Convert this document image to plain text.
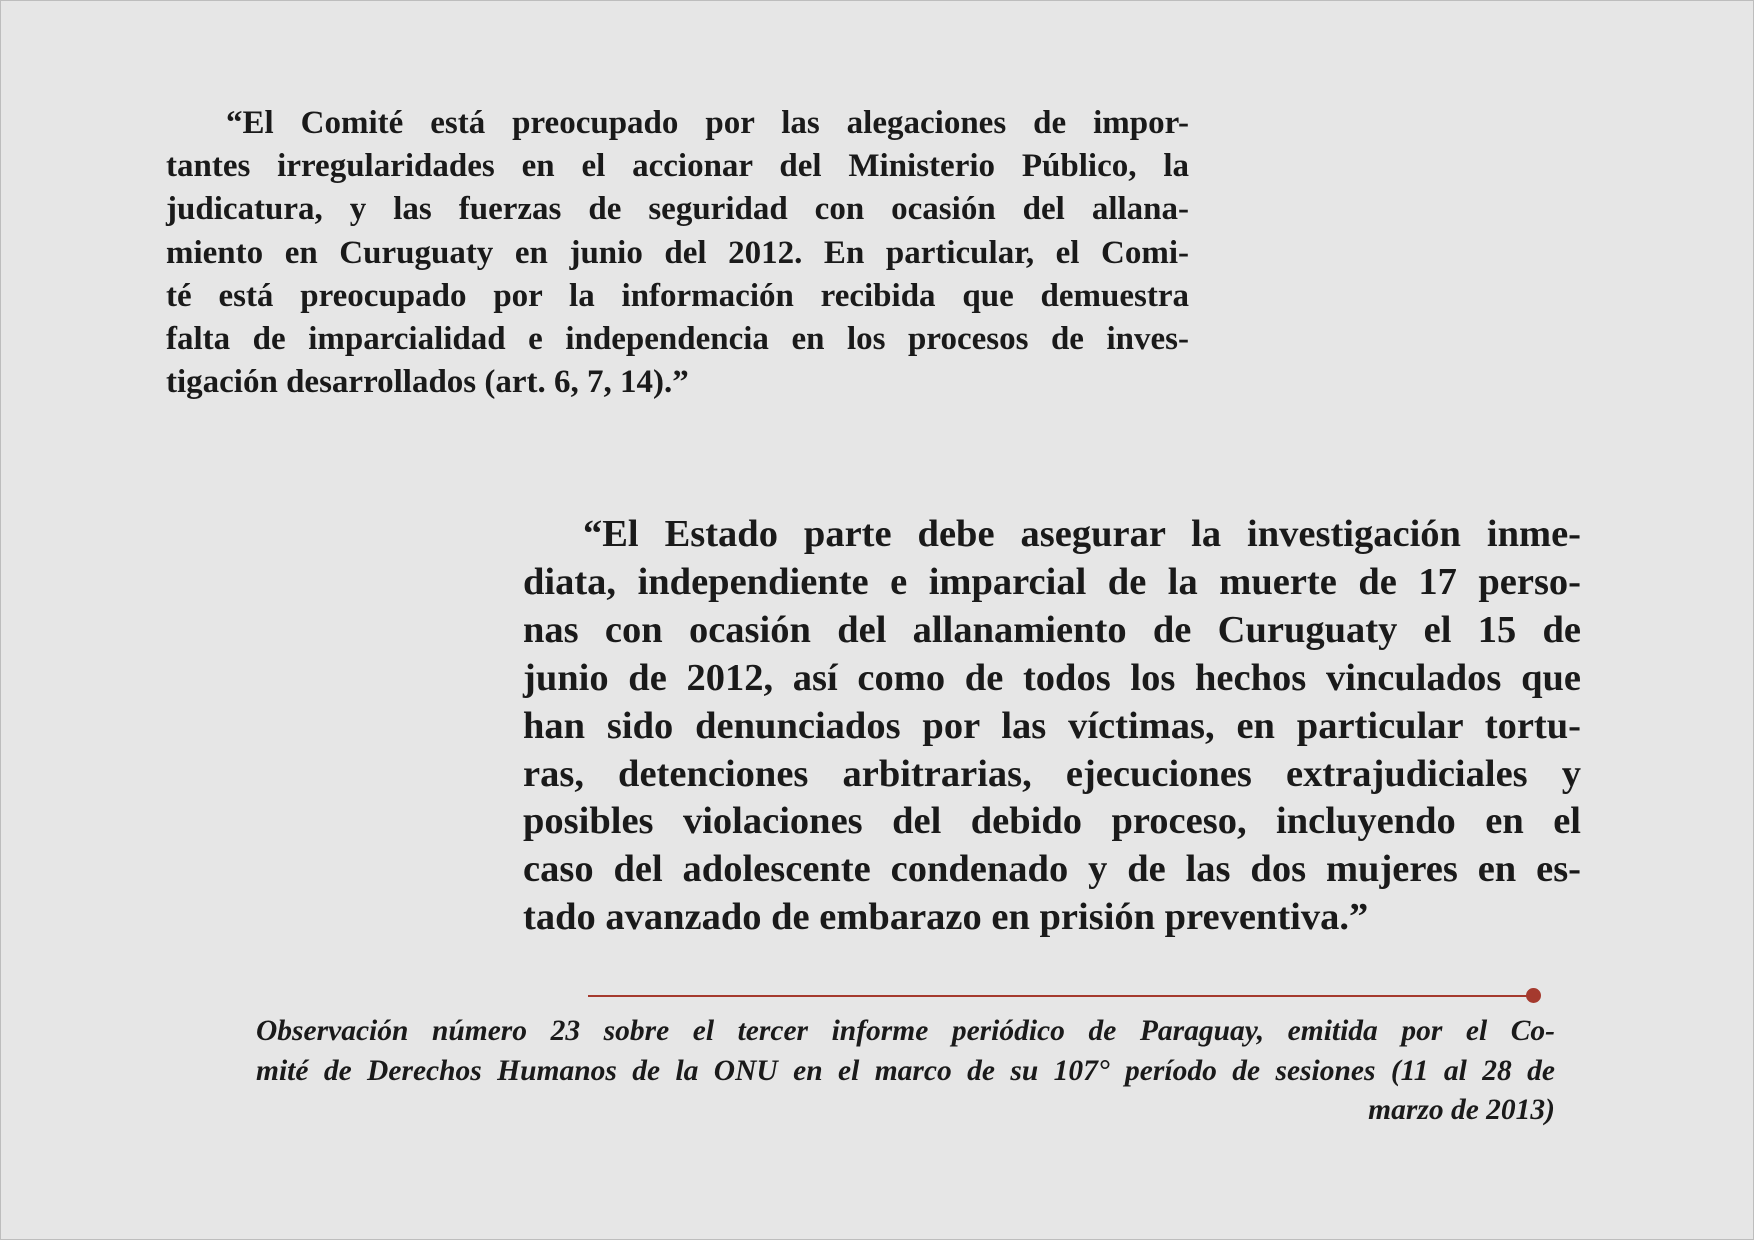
“El Comité está preocupado por las alegaciones de impor-
tantes irregularidades en el accionar del Ministerio Público, la
judicatura, y las fuerzas de seguridad con ocasión del allana-
miento en Curuguaty en junio del 2012. En particular, el Comi-
té está preocupado por la información recibida que demuestra
falta de imparcialidad e independencia en los procesos de inves-
tigación desarrollados (art. 6, 7, 14).”
“El Estado parte debe asegurar la investigación inme-
diata, independiente e imparcial de la muerte de 17 perso-
nas con ocasión del allanamiento de Curuguaty el 15 de
junio de 2012, así como de todos los hechos vinculados que
han sido denunciados por las víctimas, en particular tortu-
ras, detenciones arbitrarias, ejecuciones extrajudiciales y
posibles violaciones del debido proceso, incluyendo en el
caso del adolescente condenado y de las dos mujeres en es-
tado avanzado de embarazo en prisión preventiva.”
Observación número 23 sobre el tercer informe periódico de Paraguay, emitida por el Co-
mité de Derechos Humanos de la ONU en el marco de su 107° período de sesiones (11 al 28 de
marzo de 2013)
